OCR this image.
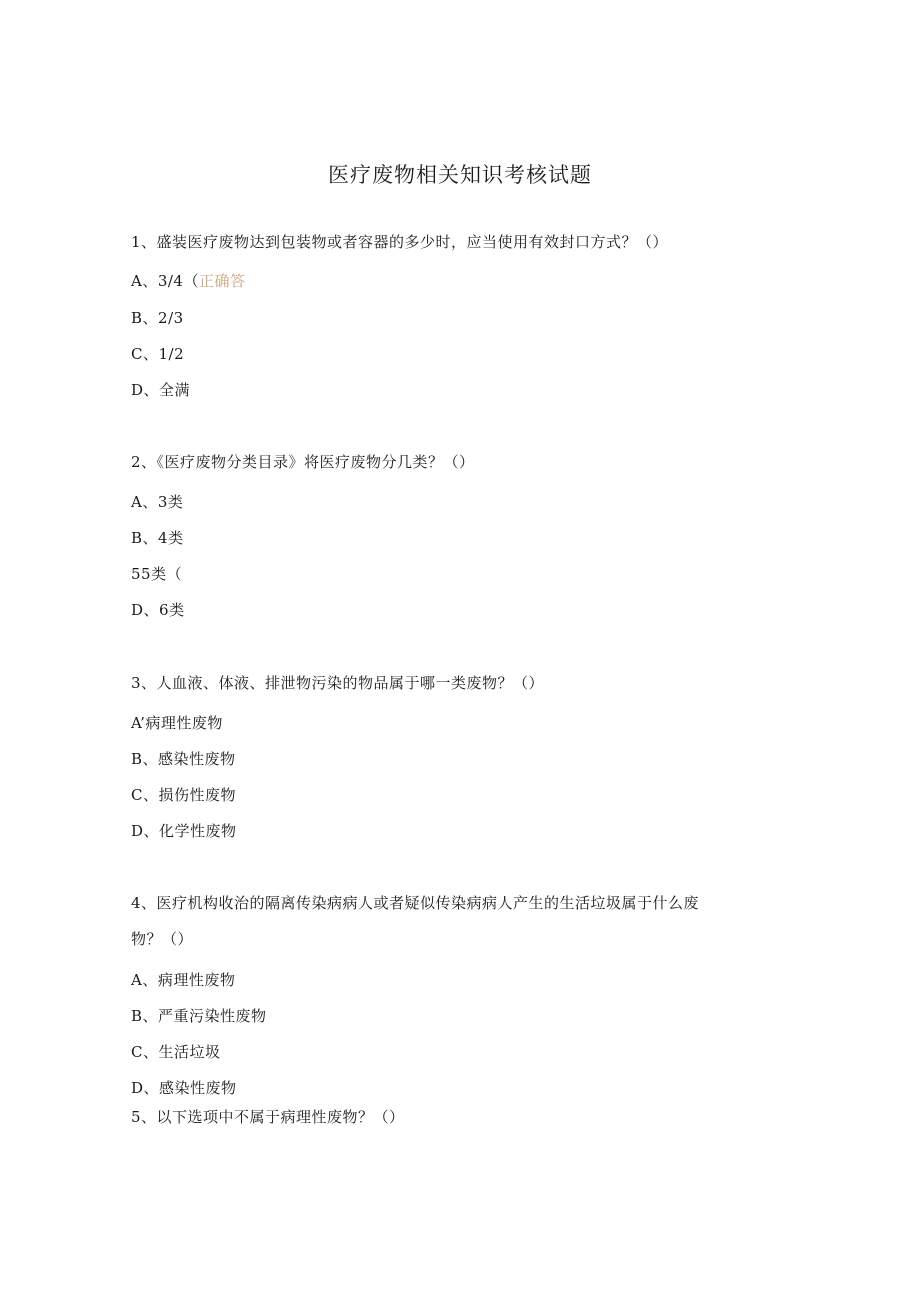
医疗废物相关知识考核试题
1、盛装医疗废物达到包装物或者容器的多少时，应当使用有效封口方式？（）
A、3/4（正确答
B、2/3
C、1/2
D、全满
2、《医疗废物分类目录》将医疗废物分几类？（）
A、3类
B、4类
55类（
D、6类
3、人血液、体液、排泄物污染的物品属于哪一类废物？（）
A’病理性废物
B、感染性废物
C、损伤性废物
D、化学性废物
4、医疗机构收治的隔离传染病病人或者疑似传染病病人产生的生活垃圾属于什么废
物？（）
A、病理性废物
B、严重污染性废物
C、生活垃圾
D、感染性废物
5、以下选项中不属于病理性废物？（）
